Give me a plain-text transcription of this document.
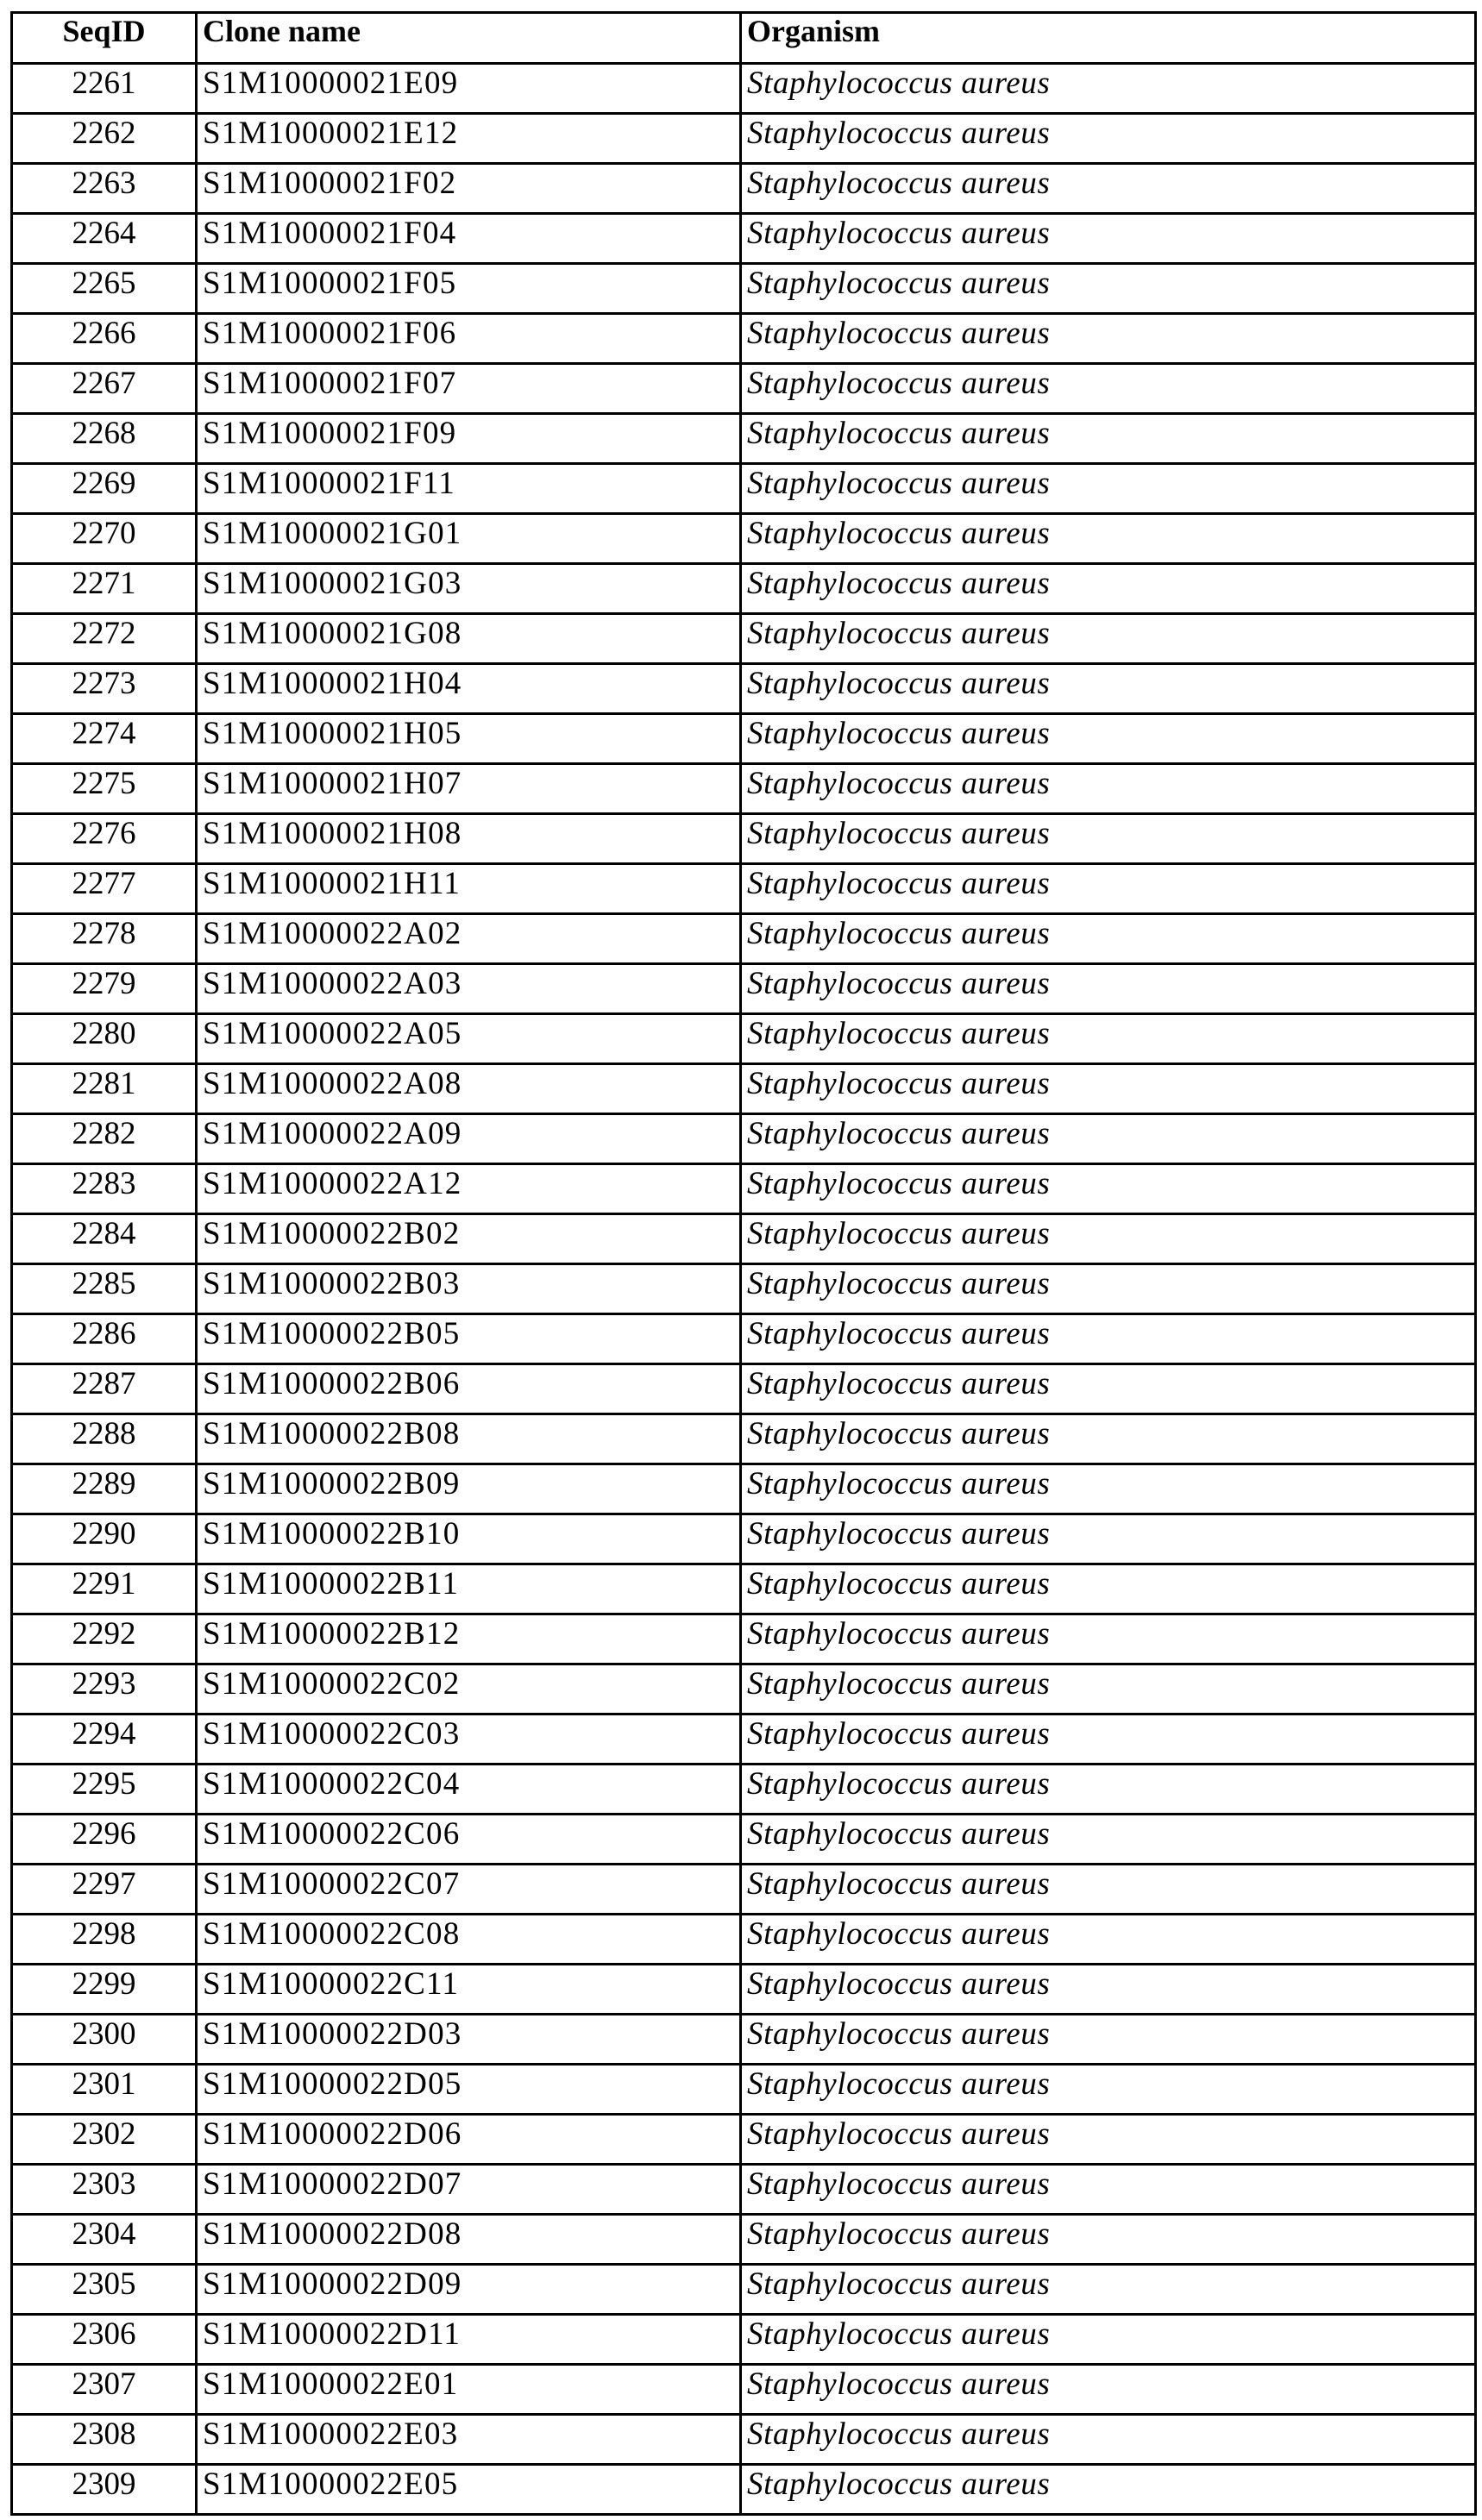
SeqID	Clone name	Organism
2261	S1M10000021E09	Staphylococcus aureus
2262	S1M10000021E12	Staphylococcus aureus
2263	S1M10000021F02	Staphylococcus aureus
2264	S1M10000021F04	Staphylococcus aureus
2265	S1M10000021F05	Staphylococcus aureus
2266	S1M10000021F06	Staphylococcus aureus
2267	S1M10000021F07	Staphylococcus aureus
2268	S1M10000021F09	Staphylococcus aureus
2269	S1M10000021F11	Staphylococcus aureus
2270	S1M10000021G01	Staphylococcus aureus
2271	S1M10000021G03	Staphylococcus aureus
2272	S1M10000021G08	Staphylococcus aureus
2273	S1M10000021H04	Staphylococcus aureus
2274	S1M10000021H05	Staphylococcus aureus
2275	S1M10000021H07	Staphylococcus aureus
2276	S1M10000021H08	Staphylococcus aureus
2277	S1M10000021H11	Staphylococcus aureus
2278	S1M10000022A02	Staphylococcus aureus
2279	S1M10000022A03	Staphylococcus aureus
2280	S1M10000022A05	Staphylococcus aureus
2281	S1M10000022A08	Staphylococcus aureus
2282	S1M10000022A09	Staphylococcus aureus
2283	S1M10000022A12	Staphylococcus aureus
2284	S1M10000022B02	Staphylococcus aureus
2285	S1M10000022B03	Staphylococcus aureus
2286	S1M10000022B05	Staphylococcus aureus
2287	S1M10000022B06	Staphylococcus aureus
2288	S1M10000022B08	Staphylococcus aureus
2289	S1M10000022B09	Staphylococcus aureus
2290	S1M10000022B10	Staphylococcus aureus
2291	S1M10000022B11	Staphylococcus aureus
2292	S1M10000022B12	Staphylococcus aureus
2293	S1M10000022C02	Staphylococcus aureus
2294	S1M10000022C03	Staphylococcus aureus
2295	S1M10000022C04	Staphylococcus aureus
2296	S1M10000022C06	Staphylococcus aureus
2297	S1M10000022C07	Staphylococcus aureus
2298	S1M10000022C08	Staphylococcus aureus
2299	S1M10000022C11	Staphylococcus aureus
2300	S1M10000022D03	Staphylococcus aureus
2301	S1M10000022D05	Staphylococcus aureus
2302	S1M10000022D06	Staphylococcus aureus
2303	S1M10000022D07	Staphylococcus aureus
2304	S1M10000022D08	Staphylococcus aureus
2305	S1M10000022D09	Staphylococcus aureus
2306	S1M10000022D11	Staphylococcus aureus
2307	S1M10000022E01	Staphylococcus aureus
2308	S1M10000022E03	Staphylococcus aureus
2309	S1M10000022E05	Staphylococcus aureus
